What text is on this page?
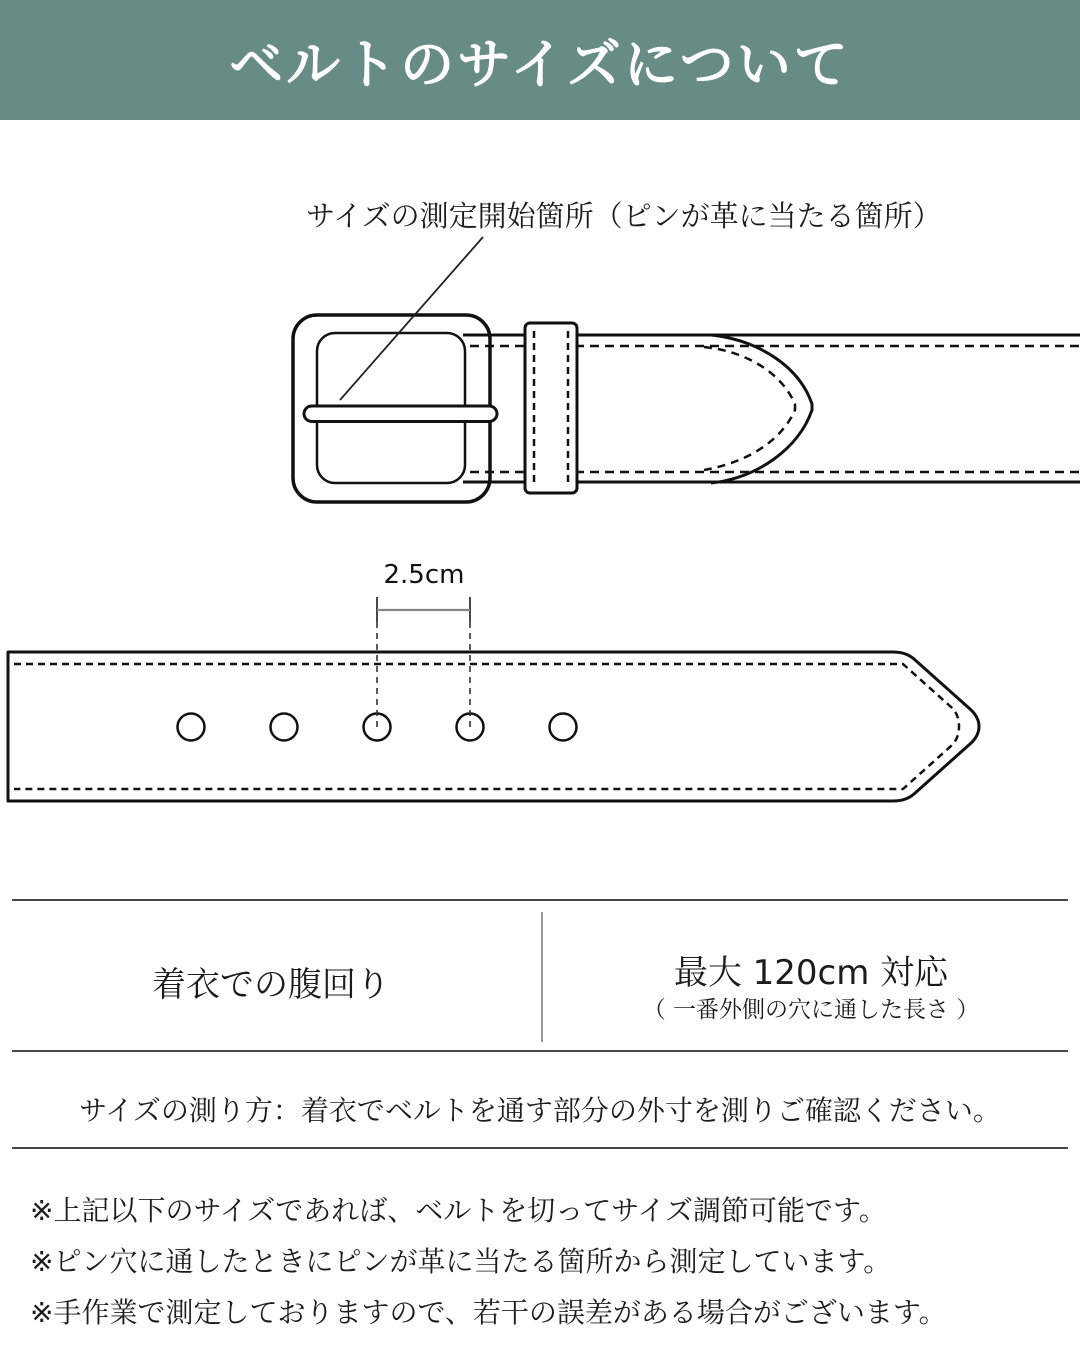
ベルトのサイズについて
サイズの測定開始箇所（ピンが革に当たる箇所）
2.5cm
着衣での腹回り	最大 120cm 対応
（ 一番外側の穴に通した長さ ）
サイズの測り方：着衣でベルトを通す部分の外寸を測りご確認ください。
※上記以下のサイズであれば、ベルトを切ってサイズ調節可能です。
※ピン穴に通したときにピンが革に当たる箇所から測定しています。
※手作業で測定しておりますので、若干の誤差がある場合がございます。
